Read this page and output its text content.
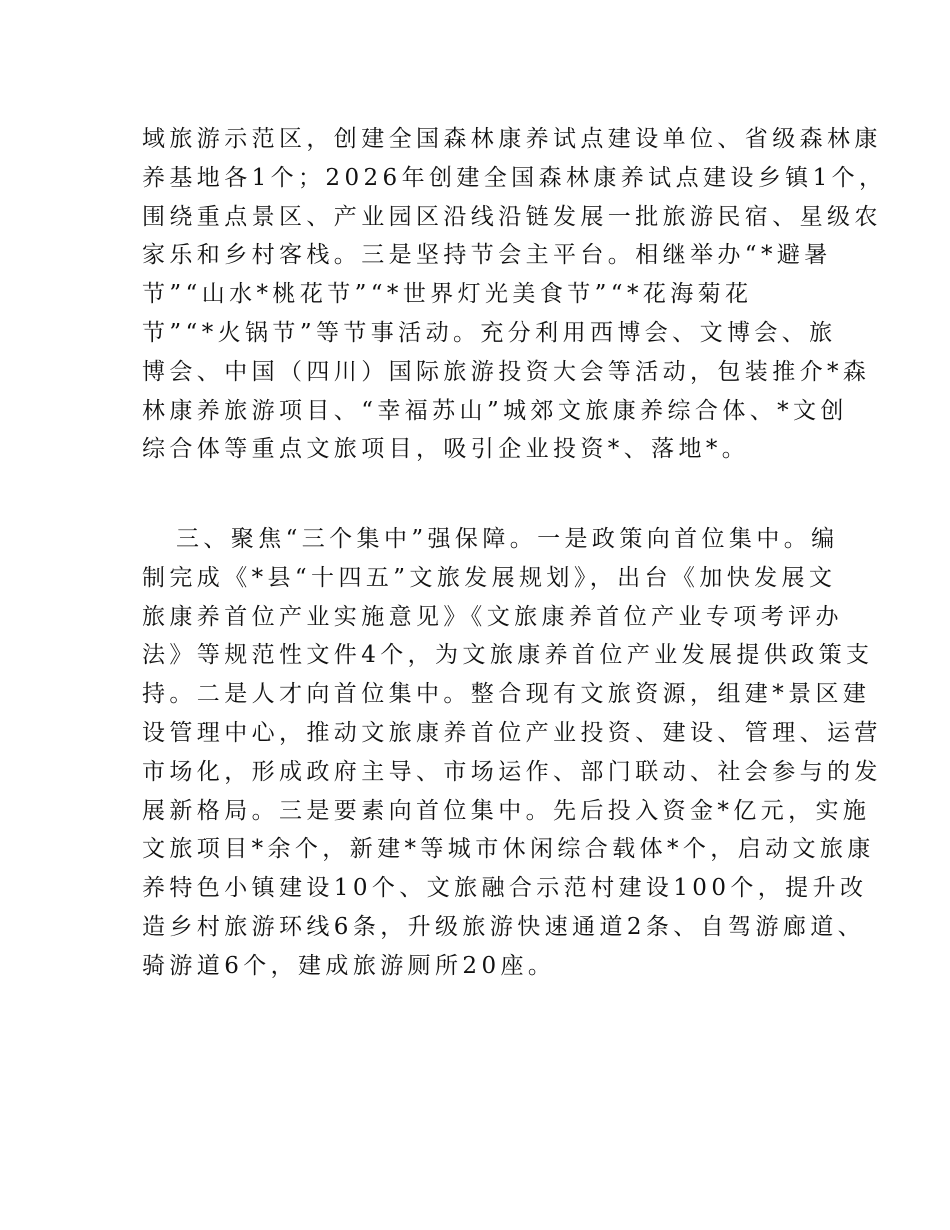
域旅游示范区，创建全国森林康养试点建设单位、省级森林康
养基地各1个；2026年创建全国森林康养试点建设乡镇1个，
围绕重点景区、产业园区沿线沿链发展一批旅游民宿、星级农
家乐和乡村客栈。三是坚持节会主平台。相继举办“*避暑
节”“山水*桃花节”“*世界灯光美食节”“*花海菊花
节”“*火锅节”等节事活动。充分利用西博会、文博会、旅
博会、中国（四川）国际旅游投资大会等活动，包装推介*森
林康养旅游项目、“幸福苏山”城郊文旅康养综合体、*文创
综合体等重点文旅项目，吸引企业投资*、落地*。
三、聚焦“三个集中”强保障。一是政策向首位集中。编
制完成《*县“十四五”文旅发展规划》，出台《加快发展文
旅康养首位产业实施意见》《文旅康养首位产业专项考评办
法》等规范性文件4个，为文旅康养首位产业发展提供政策支
持。二是人才向首位集中。整合现有文旅资源，组建*景区建
设管理中心，推动文旅康养首位产业投资、建设、管理、运营
市场化，形成政府主导、市场运作、部门联动、社会参与的发
展新格局。三是要素向首位集中。先后投入资金*亿元，实施
文旅项目*余个，新建*等城市休闲综合载体*个，启动文旅康
养特色小镇建设10个、文旅融合示范村建设100个，提升改
造乡村旅游环线6条，升级旅游快速通道2条、自驾游廊道、
骑游道6个，建成旅游厕所20座。
